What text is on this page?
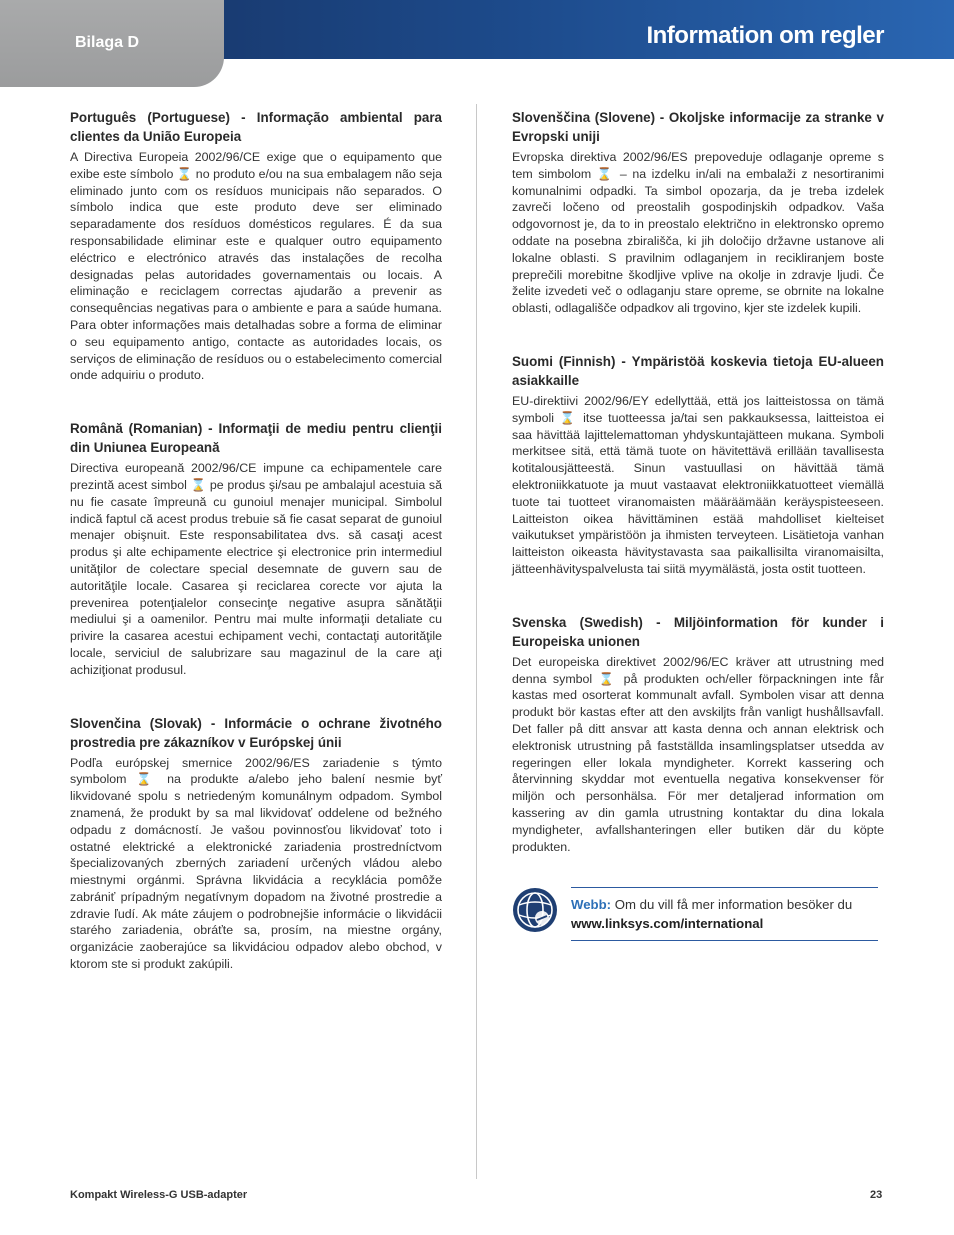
Bilaga D	Information om regler
Português (Portuguese) - Informação ambiental para clientes da União Europeia

A Directiva Europeia 2002/96/CE exige que o equipamento que exibe este símbolo ⌛ no produto e/ou na sua embalagem não seja eliminado junto com os resíduos municipais não separados. O símbolo indica que este produto deve ser eliminado separadamente dos resíduos domésticos regulares. É da sua responsabilidade eliminar este e qualquer outro equipamento eléctrico e electrónico através das instalações de recolha designadas pelas autoridades governamentais ou locais. A eliminação e reciclagem correctas ajudarão a prevenir as consequências negativas para o ambiente e para a saúde humana. Para obter informações mais detalhadas sobre a forma de eliminar o seu equipamento antigo, contacte as autoridades locais, os serviços de eliminação de resíduos ou o estabelecimento comercial onde adquiriu o produto.

Română (Romanian) - Informaţii de mediu pentru clienţii din Uniunea Europeană

Directiva europeană 2002/96/CE impune ca echipamentele care prezintă acest simbol ⌛ pe produs şi/sau pe ambalajul acestuia să nu fie casate împreună cu gunoiul menajer municipal. Simbolul indică faptul că acest produs trebuie să fie casat separat de gunoiul menajer obişnuit. Este responsabilitatea dvs. să casaţi acest produs şi alte echipamente electrice şi electronice prin intermediul unităţilor de colectare special desemnate de guvern sau de autorităţile locale. Casarea şi reciclarea corecte vor ajuta la prevenirea potenţialelor consecinţe negative asupra sănătăţii mediului şi a oamenilor. Pentru mai multe informaţii detaliate cu privire la casarea acestui echipament vechi, contactaţi autorităţile locale, serviciul de salubrizare sau magazinul de la care aţi achiziţionat produsul.

Slovenčina (Slovak) - Informácie o ochrane životného prostredia pre zákazníkov v Európskej únii

Podľa európskej smernice 2002/96/ES zariadenie s týmto symbolom ⌛ na produkte a/alebo jeho balení nesmie byť likvidované spolu s netriedeným komunálnym odpadom. Symbol znamená, že produkt by sa mal likvidovať oddelene od bežného odpadu z domácností. Je vašou povinnosťou likvidovať toto i ostatné elektrické a elektronické zariadenia prostredníctvom špecializovaných zberných zariadení určených vládou alebo miestnymi orgánmi. Správna likvidácia a recyklácia pomôže zabrániť prípadným negatívnym dopadom na životné prostredie a zdravie ľudí. Ak máte záujem o podrobnejšie informácie o likvidácii starého zariadenia, obráťte sa, prosím, na miestne orgány, organizácie zaoberajúce sa likvidáciou odpadov alebo obchod, v ktorom ste si produkt zakúpili.

Slovenščina (Slovene) - Okoljske informacije za stranke v Evropski uniji

Evropska direktiva 2002/96/ES prepoveduje odlaganje opreme s tem simbolom ⌛ – na izdelku in/ali na embalaži z nesortiranimi komunalnimi odpadki. Ta simbol opozarja, da je treba izdelek zavreči ločeno od preostalih gospodinjskih odpadkov. Vaša odgovornost je, da to in preostalo električno in elektronsko opremo oddate na posebna zbirališča, ki jih določijo državne ustanove ali lokalne oblasti. S pravilnim odlaganjem in recikliranjem boste preprečili morebitne škodljive vplive na okolje in zdravje ljudi. Če želite izvedeti več o odlaganju stare opreme, se obrnite na lokalne oblasti, odlagališče odpadkov ali trgovino, kjer ste izdelek kupili.

Suomi (Finnish) - Ympäristöä koskevia tietoja EU-alueen asiakkaille

EU-direktiivi 2002/96/EY edellyttää, että jos laitteistossa on tämä symboli ⌛ itse tuotteessa ja/tai sen pakkauksessa, laitteistoa ei saa hävittää lajittelemattoman yhdyskuntajätteen mukana. Symboli merkitsee sitä, että tämä tuote on hävitettävä erillään tavallisesta kotitalousjätteestä. Sinun vastuullasi on hävittää tämä elektroniikkatuote ja muut vastaavat elektroniikkatuotteet viemällä tuote tai tuotteet viranomaisten määräämään keräyspisteeseen. Laitteiston oikea hävittäminen estää mahdolliset kielteiset vaikutukset ympäristöön ja ihmisten terveyteen. Lisätietoja vanhan laitteiston oikeasta hävitystavasta saa paikallisilta viranomaisilta, jätteenhävityspalvelusta tai siitä myymälästä, josta ostit tuotteen.

Svenska (Swedish) - Miljöinformation för kunder i Europeiska unionen

Det europeiska direktivet 2002/96/EC kräver att utrustning med denna symbol ⌛ på produkten och/eller förpackningen inte får kastas med osorterat kommunalt avfall. Symbolen visar att denna produkt bör kastas efter att den avskiljts från vanligt hushållsavfall. Det faller på ditt ansvar att kasta denna och annan elektrisk och elektronisk utrustning på fastställda insamlingsplatser utsedda av regeringen eller lokala myndigheter. Korrekt kassering och återvinning skyddar mot eventuella negativa konsekvenser för miljön och personhälsa. För mer detaljerad information om kassering av din gamla utrustning kontaktar du dina lokala myndigheter, avfallshanteringen eller butiken där du köpte produkten.

Webb: Om du vill få mer information besöker du www.linksys.com/international
Kompakt Wireless-G USB-adapter	23
